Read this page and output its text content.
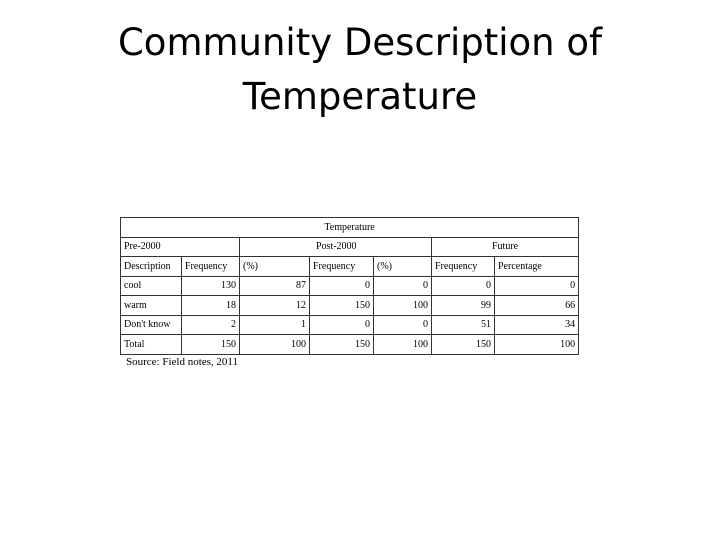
Community Description of
Temperature
Temperature						
Pre-2000		Post-2000			Future	
Description	Frequency	(%)	Frequency	(%)	Frequency	Percentage
cool	130	87	0	0	0	0
warm	18	12	150	100	99	66
Don't know	2	1	0	0	51	34
Total	150	100	150	100	150	100
Source: Field notes, 2011
